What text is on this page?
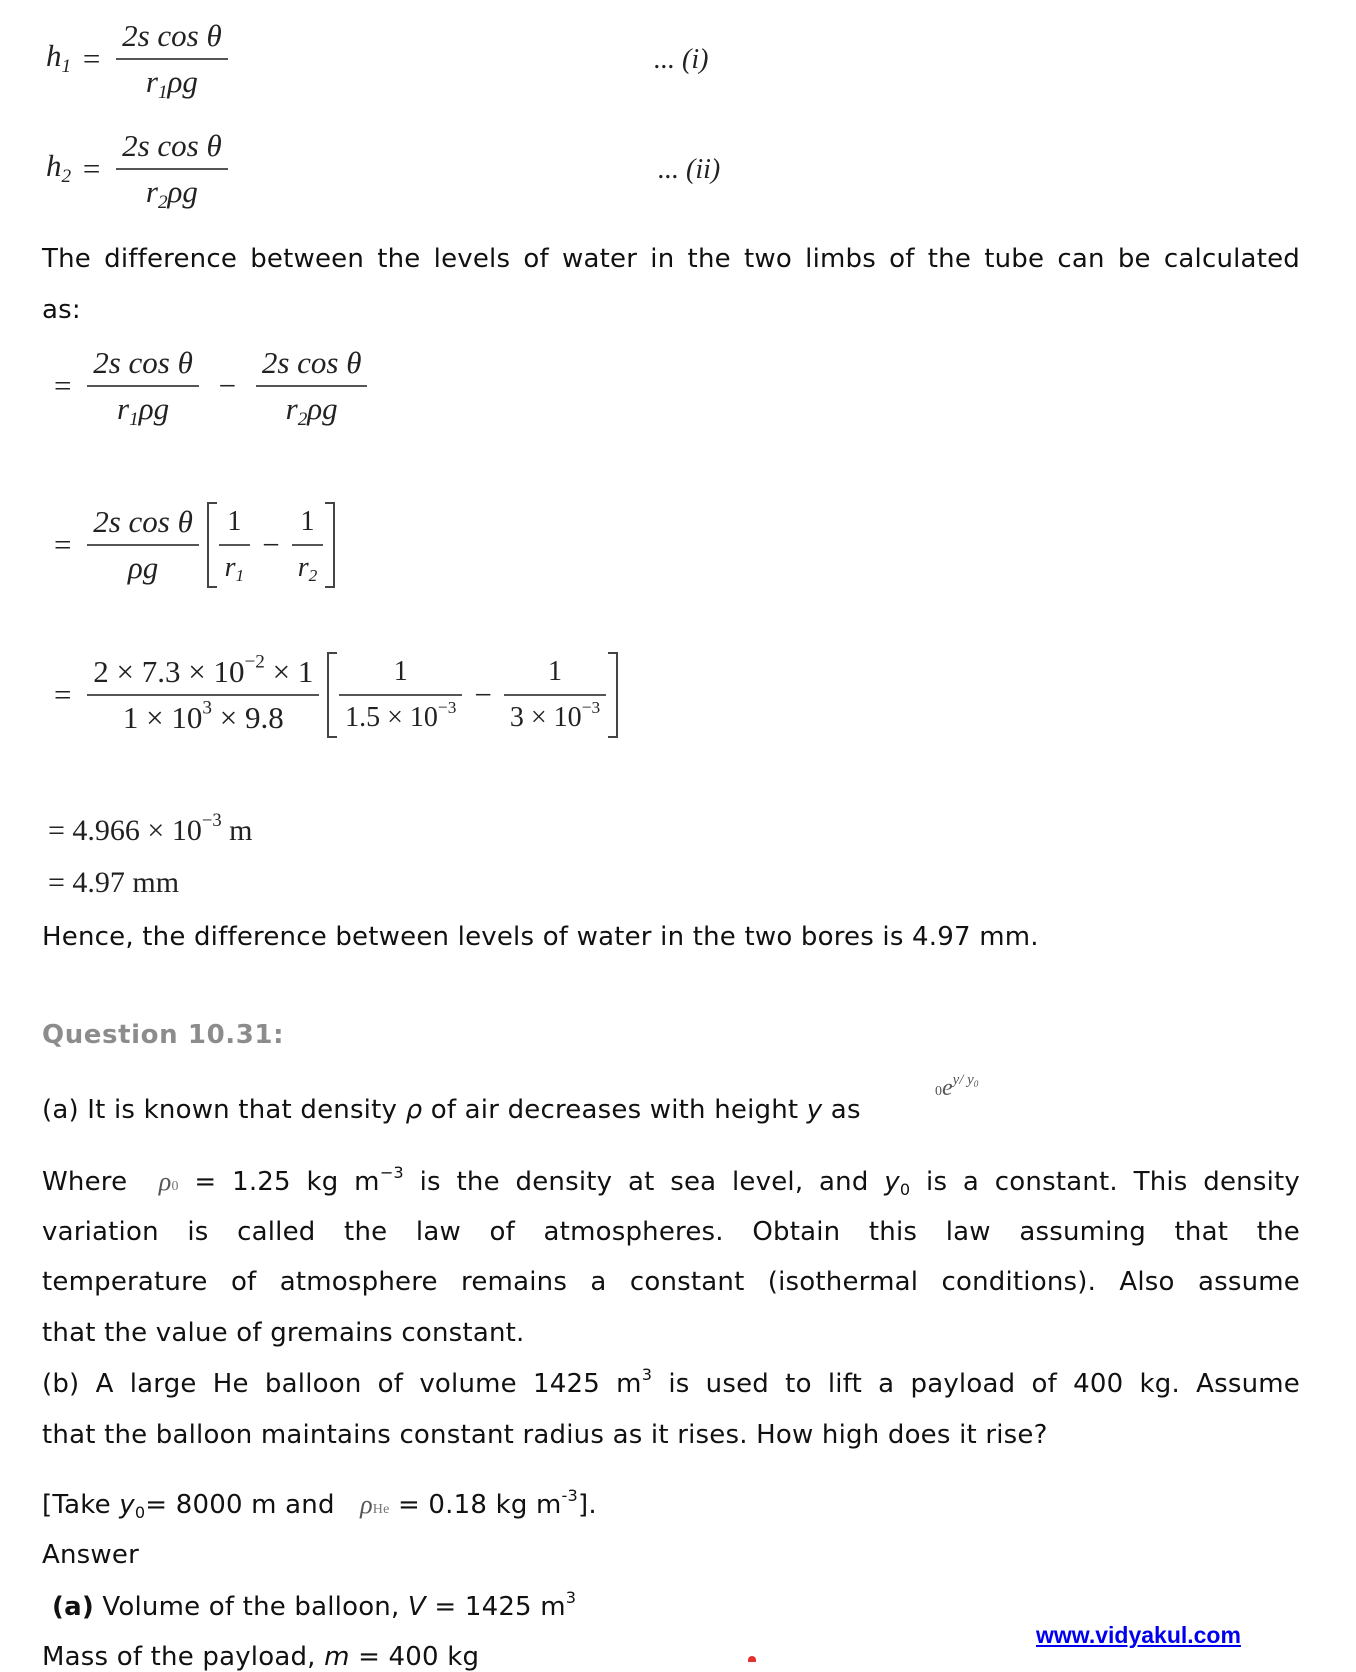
$h_1 = \frac{\text{2s cos θ}}{r_1\rho g}$	... (i)
$h_2 = \frac{\text{2s cos θ}}{r_2\rho g}$	... (ii)
The difference between the levels of water in the two limbs of the tube can be calculated
as:
= $\frac{\text{2s cos θ}}{r_1\rho g} - \frac{\text{2s cos θ}}{r_2\rho g}$
= $\frac{\text{2s cos θ}}{\rho g}$
$\frac{1}{r_1} - \frac{1}{r_2}$
= $\frac{2 \times 7.3 \times 10^{-2} \times 1}{1 \times 10^3 \times 9.8}$
$\frac{1}{1.5 \times 10^{-3}} - \frac{1}{3 \times 10^{-3}}$
= $4.966 \times 10^{-3}$ m
= 4.97 mm
Hence, the difference between levels of water in the two bores is 4.97 mm.
Question 10.31:
(a) It is known that density ρ of air decreases with height y as
$0e^{y/ y_0}$
Where ρ0 = 1.25 kg $m^{-3}$ is the density at sea level, and $y_0$ is a constant. This density
variation is called the law of atmospheres. Obtain this law assuming that the
temperature of atmosphere remains a constant (isothermal conditions). Also assume
that the value of gremains constant.
(b) A large He balloon of volume 1425 $m^3$ is used to lift a payload of 400 kg. Assume
that the balloon maintains constant radius as it rises. How high does it rise?
[Take $y_0= 8000$ m and ρHe = 0.18 kg $m^{-3}$].
Answer
(a) Volume of the balloon, V = 1425 $m^3$
Mass of the payload, m = 400 kg
www.vidyakul.com
